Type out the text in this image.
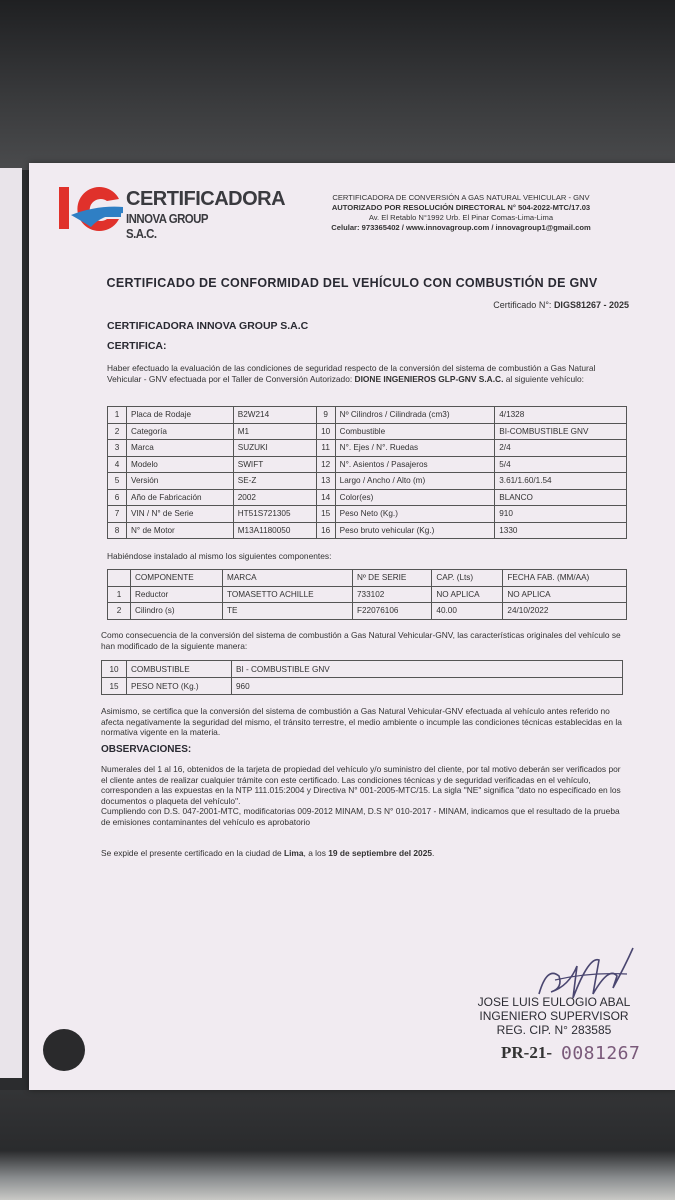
CERTIFICADORA
INNOVA GROUP S.A.C.
CERTIFICADORA DE CONVERSIÓN A GAS NATURAL VEHICULAR - GNV
AUTORIZADO POR RESOLUCIÓN DIRECTORAL N° 504-2022-MTC/17.03
Av. El Retablo N°1992 Urb. El Pinar Comas-Lima-Lima
Celular: 973365402 / www.innovagroup.com / innovagroup1@gmail.com
CERTIFICADO DE CONFORMIDAD DEL VEHÍCULO CON COMBUSTIÓN DE GNV
Certificado N°: DIGS81267 - 2025
CERTIFICADORA INNOVA GROUP S.A.C
CERTIFICA:
Haber efectuado la evaluación de las condiciones de seguridad respecto de la conversión del sistema de combustión a Gas Natural Vehicular - GNV efectuada por el Taller de Conversión Autorizado: DIONE INGENIEROS GLP-GNV S.A.C. al siguiente vehículo:
1	Placa de Rodaje	B2W214	9	Nº Cilindros / Cilindrada (cm3)	4/1328
2	Categoría	M1	10	Combustible	BI-COMBUSTIBLE GNV
3	Marca	SUZUKI	11	N°. Ejes / N°. Ruedas	2/4
4	Modelo	SWIFT	12	N°. Asientos / Pasajeros	5/4
5	Versión	SE-Z	13	Largo / Ancho / Alto (m)	3.61/1.60/1.54
6	Año de Fabricación	2002	14	Color(es)	BLANCO
7	VIN / N° de Serie	HT51S721305	15	Peso Neto (Kg.)	910
8	N° de Motor	M13A1180050	16	Peso bruto vehicular (Kg.)	1330
Habiéndose instalado al mismo los siguientes componentes:
	COMPONENTE	MARCA	Nº DE SERIE	CAP. (Lts)	FECHA FAB. (MM/AA)
1	Reductor	TOMASETTO ACHILLE	733102	NO APLICA	NO APLICA
2	Cilindro (s)	TE	F22076106	40.00	24/10/2022
Como consecuencia de la conversión del sistema de combustión a Gas Natural Vehicular-GNV, las características originales del vehículo se han modificado de la siguiente manera:
10	COMBUSTIBLE	BI - COMBUSTIBLE GNV
15	PESO NETO (Kg.)	960
Asimismo, se certifica que la conversión del sistema de combustión a Gas Natural Vehicular-GNV efectuada al vehículo antes referido no afecta negativamente la seguridad del mismo, el tránsito terrestre, el medio ambiente o incumple las condiciones técnicas establecidas en la normativa vigente en la materia.
OBSERVACIONES:
Numerales del 1 al 16, obtenidos de la tarjeta de propiedad del vehículo y/o suministro del cliente, por tal motivo deberán ser verificados por el cliente antes de realizar cualquier trámite con este certificado. Las condiciones técnicas y de seguridad verificadas en el vehículo, corresponden a las expuestas en la NTP 111.015:2004 y Directiva N° 001-2005-MTC/15. La sigla "NE" significa "dato no especificado en los documentos o plaqueta del vehículo".
Cumpliendo con D.S. 047-2001-MTC, modificatorias 009-2012 MINAM, D.S N° 010-2017 - MINAM, indicamos que el resultado de la prueba de emisiones contaminantes del vehículo es aprobatorio
Se expide el presente certificado en la ciudad de Lima, a los 19 de septiembre del 2025.
JOSE LUIS EULOGIO ABAL
INGENIERO SUPERVISOR
REG. CIP. N° 283585
PR-21- 0081267
